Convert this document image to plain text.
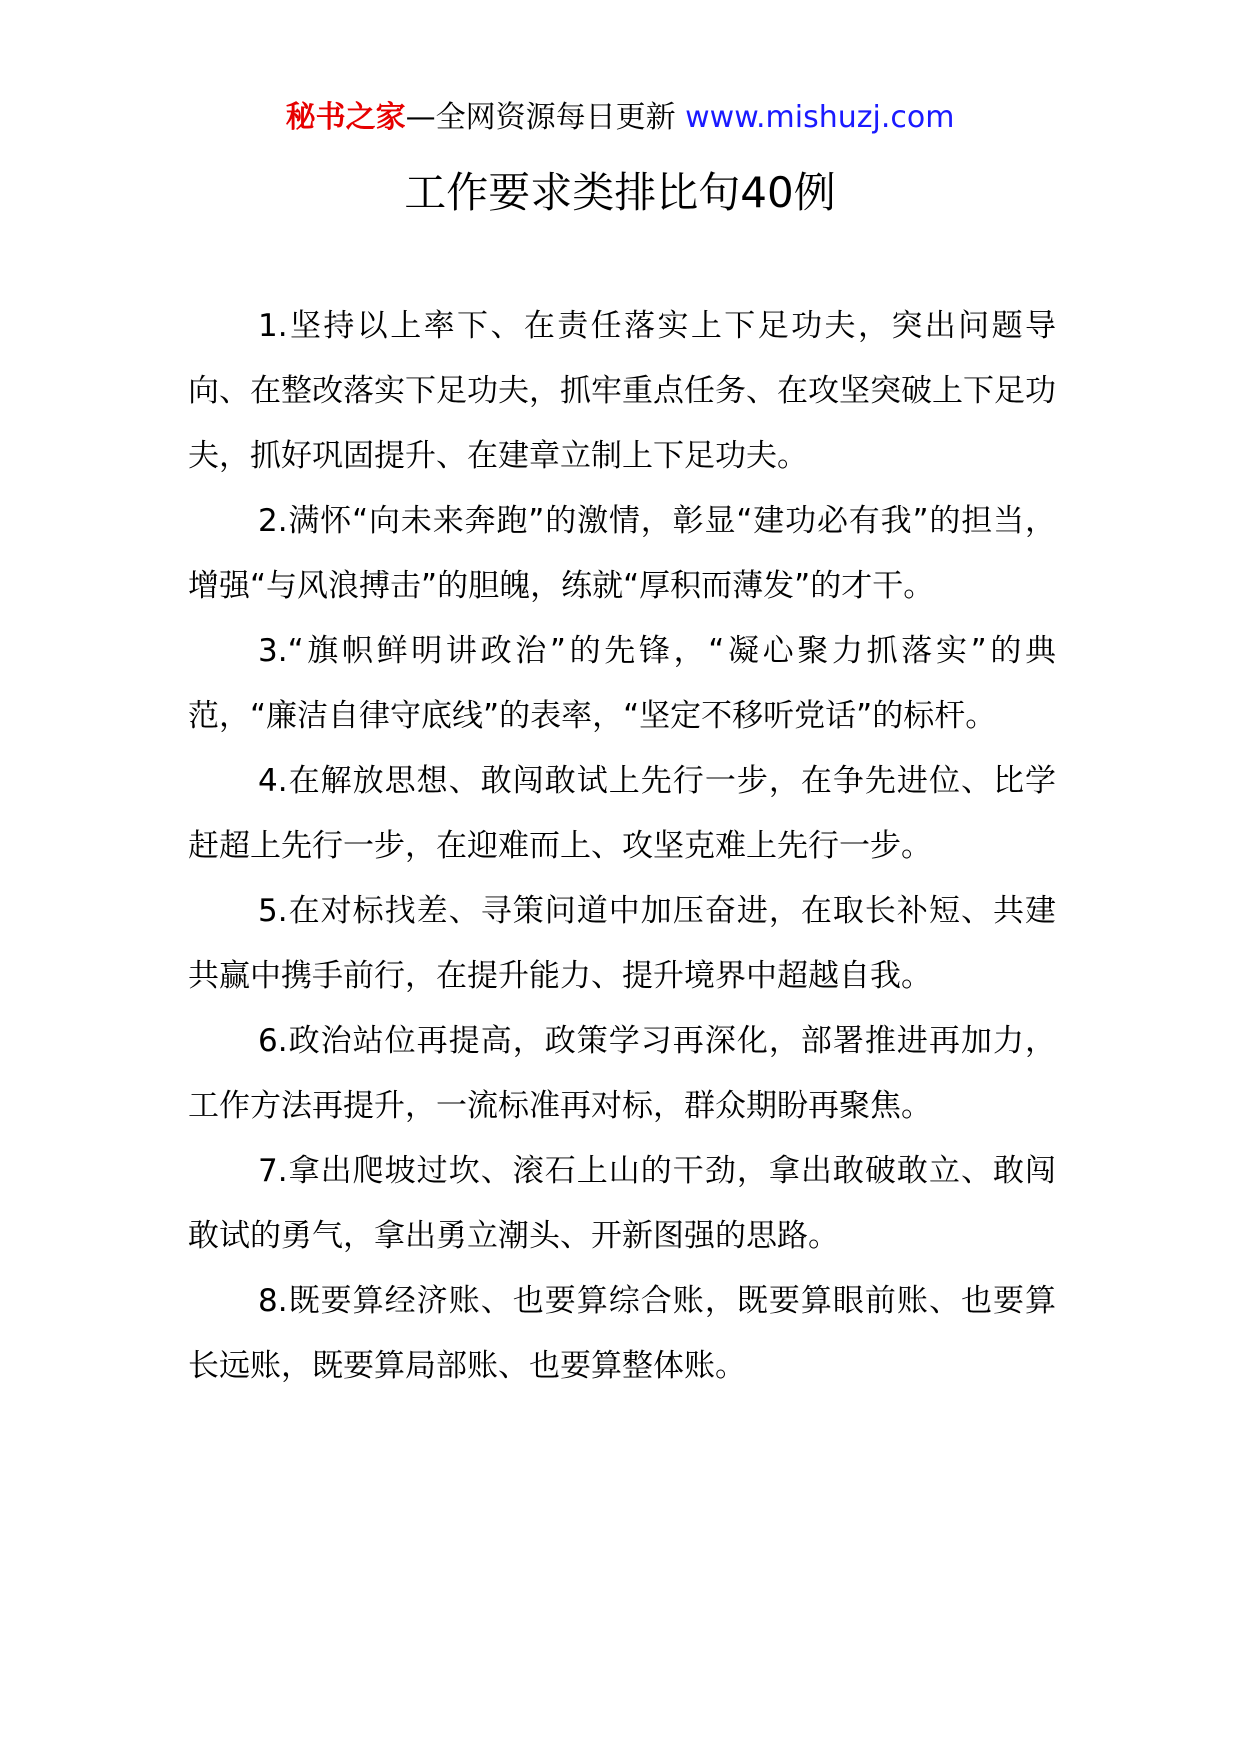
秘书之家—全网资源每日更新 www.mishuzj.com
工作要求类排比句40例

1.坚持以上率下、在责任落实上下足功夫，突出问题导向、在整改落实下足功夫，抓牢重点任务、在攻坚突破上下足功夫，抓好巩固提升、在建章立制上下足功夫。

2.满怀“向未来奔跑”的激情，彰显“建功必有我”的担当，增强“与风浪搏击”的胆魄，练就“厚积而薄发”的才干。

3.“旗帜鲜明讲政治”的先锋，“凝心聚力抓落实”的典范，“廉洁自律守底线”的表率，“坚定不移听党话”的标杆。

4.在解放思想、敢闯敢试上先行一步，在争先进位、比学赶超上先行一步，在迎难而上、攻坚克难上先行一步。

5.在对标找差、寻策问道中加压奋进，在取长补短、共建共赢中携手前行，在提升能力、提升境界中超越自我。

6.政治站位再提高，政策学习再深化，部署推进再加力，工作方法再提升，一流标准再对标，群众期盼再聚焦。

7.拿出爬坡过坎、滚石上山的干劲，拿出敢破敢立、敢闯敢试的勇气，拿出勇立潮头、开新图强的思路。

8.既要算经济账、也要算综合账，既要算眼前账、也要算长远账，既要算局部账、也要算整体账。
